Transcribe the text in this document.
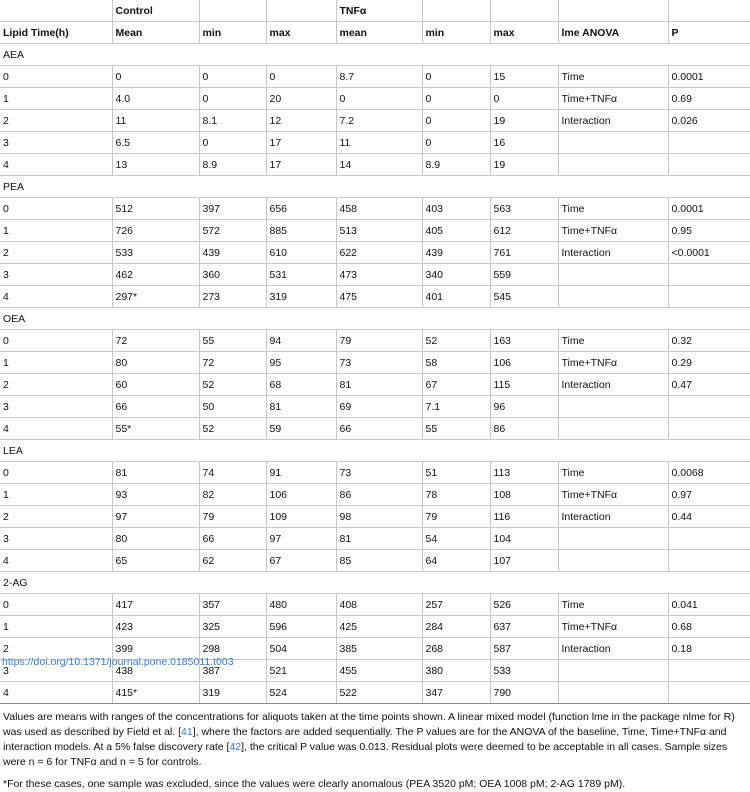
	Control			TNFα				
Lipid Time(h)	Mean	min	max	mean	min	max	lme ANOVA	P
AEA								
0	0	0	0	8.7	0	15	Time	0.0001
1	4.0	0	20	0	0	0	Time+TNFα	0.69
2	11	8.1	12	7.2	0	19	Interaction	0.026
3	6.5	0	17	11	0	16		
4	13	8.9	17	14	8.9	19		
PEA								
0	512	397	656	458	403	563	Time	0.0001
1	726	572	885	513	405	612	Time+TNFα	0.95
2	533	439	610	622	439	761	Interaction	<0.0001
3	462	360	531	473	340	559		
4	297*	273	319	475	401	545		
OEA								
0	72	55	94	79	52	163	Time	0.32
1	80	72	95	73	58	106	Time+TNFα	0.29
2	60	52	68	81	67	115	Interaction	0.47
3	66	50	81	69	7.1	96		
4	55*	52	59	66	55	86		
LEA								
0	81	74	91	73	51	113	Time	0.0068
1	93	82	106	86	78	108	Time+TNFα	0.97
2	97	79	109	98	79	116	Interaction	0.44
3	80	66	97	81	54	104		
4	65	62	67	85	64	107		
2-AG								
0	417	357	480	408	257	526	Time	0.041
1	423	325	596	425	284	637	Time+TNFα	0.68
2	399	298	504	385	268	587	Interaction	0.18
3	438	387	521	455	380	533		
4	415*	319	524	522	347	790		

Values are means with ranges of the concentrations for aliquots taken at the time points shown. A linear mixed model (function lme in the package nlme for R) was used as described by Field et al. [41], where the factors are added sequentially. The P values are for the ANOVA of the baseline, Time, Time+TNFα and interaction models. At a 5% false discovery rate [42], the critical P value was 0.013. Residual plots were deemed to be acceptable in all cases. Sample sizes were n = 6 for TNFα and n = 5 for controls.

*For these cases, one sample was excluded, since the values were clearly anomalous (PEA 3520 pM; OEA 1008 pM; 2-AG 1789 pM).

https://doi.org/10.1371/journal.pone.0185011.t003
